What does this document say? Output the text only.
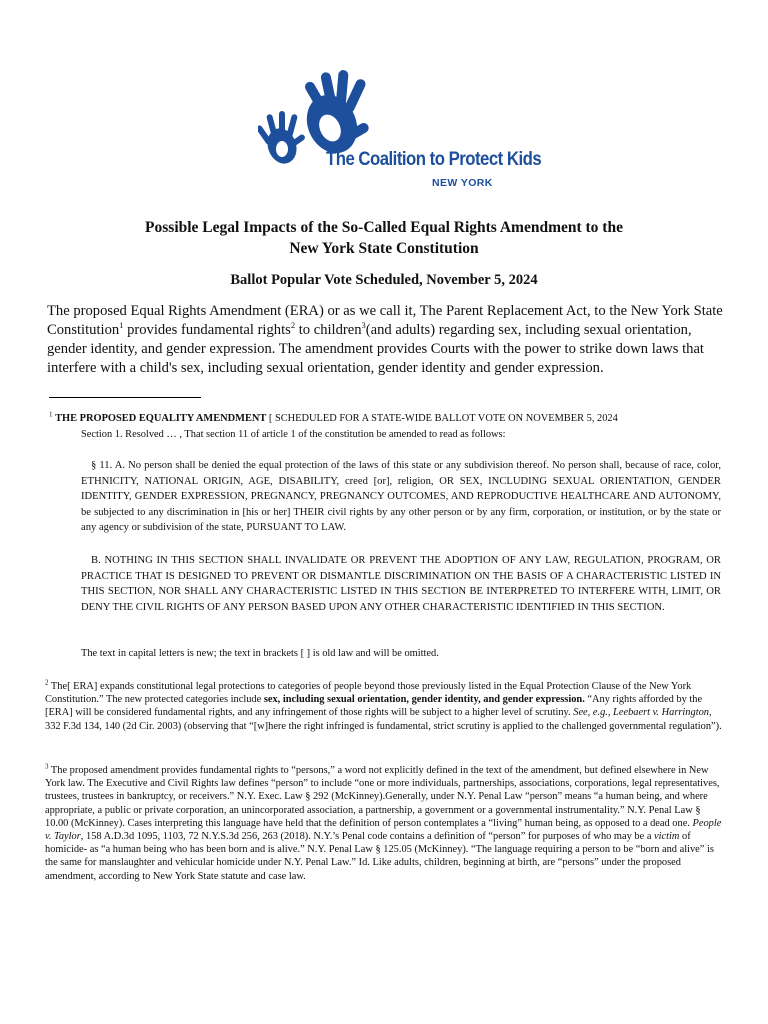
The Coalition to Protect Kids
NEW YORK
Possible Legal Impacts of the So-Called Equal Rights Amendment to the
New York State Constitution
Ballot Popular Vote Scheduled, November 5, 2024

The proposed Equal Rights Amendment (ERA) or as we call it, The Parent Replacement Act, to the New York State Constitution$^1$ provides fundamental rights$^2$ to children$^3$(and adults) regarding sex, including sexual orientation, gender identity, and gender expression. The amendment provides Courts with the power to strike down laws that interfere with a child's sex, including sexual orientation, gender identity and gender expression.

$^1$ THE PROPOSED EQUALITY AMENDMENT [ SCHEDULED FOR A STATE-WIDE BALLOT VOTE ON NOVEMBER 5, 2024
Section 1. Resolved … , That section 11 of article 1 of the constitution be amended to read as follows:
§ 11. A. No person shall be denied the equal protection of the laws of this state or any subdivision thereof. No person shall, because of race, color, ETHNICITY, NATIONAL ORIGIN, AGE, DISABILITY, creed [or], religion, OR SEX, INCLUDING SEXUAL ORIENTATION, GENDER IDENTITY, GENDER EXPRESSION, PREGNANCY, PREGNANCY OUTCOMES, AND REPRODUCTIVE HEALTHCARE AND AUTONOMY, be subjected to any discrimination in [his or her] THEIR civil rights by any other person or by any firm, corporation, or institution, or by the state or any agency or subdivision of the state, PURSUANT TO LAW.
B. NOTHING IN THIS SECTION SHALL INVALIDATE OR PREVENT THE ADOPTION OF ANY LAW, REGULATION, PROGRAM, OR PRACTICE THAT IS DESIGNED TO PREVENT OR DISMANTLE DISCRIMINATION ON THE BASIS OF A CHARACTERISTIC LISTED IN THIS SECTION, NOR SHALL ANY CHARACTERISTIC LISTED IN THIS SECTION BE INTERPRETED TO INTERFERE WITH, LIMIT, OR DENY THE CIVIL RIGHTS OF ANY PERSON BASED UPON ANY OTHER CHARACTERISTIC IDENTIFIED IN THIS SECTION.
The text in capital letters is new; the text in brackets [ ] is old law and will be omitted.
$^2$ The[ ERA] expands constitutional legal protections to categories of people beyond those previously listed in the Equal Protection Clause of the New York Constitution.” The new protected categories include sex, including sexual orientation, gender identity, and gender expression. “Any rights afforded by the [ERA] will be considered fundamental rights, and any infringement of those rights will be subject to a higher level of scrutiny. See, e.g., Leebaert v. Harrington, 332 F.3d 134, 140 (2d Cir. 2003) (observing that “[w]here the right infringed is fundamental, strict scrutiny is applied to the challenged governmental regulation”).
$^3$ The proposed amendment provides fundamental rights to “persons,” a word not explicitly defined in the text of the amendment, but defined elsewhere in New York law. The Executive and Civil Rights law defines “person” to include “one or more individuals, partnerships, associations, corporations, legal representatives, trustees, trustees in bankruptcy, or receivers.” N.Y. Exec. Law § 292 (McKinney).Generally, under N.Y. Penal Law “person” means “a human being, and where appropriate, a public or private corporation, an unincorporated association, a partnership, a government or a governmental instrumentality.” N.Y. Penal Law § 10.00 (McKinney). Cases interpreting this language have held that the definition of person contemplates a “living” human being, as opposed to a dead one. People v. Taylor, 158 A.D.3d 1095, 1103, 72 N.Y.S.3d 256, 263 (2018). N.Y.’s Penal code contains a definition of “person” for purposes of who may be a victim of homicide- as “a human being who has been born and is alive.” N.Y. Penal Law § 125.05 (McKinney). “The language requiring a person to be “born and alive” is the same for manslaughter and vehicular homicide under N.Y. Penal Law.” Id. Like adults, children, beginning at birth, are “persons” under the proposed amendment, according to New York State statute and case law.
